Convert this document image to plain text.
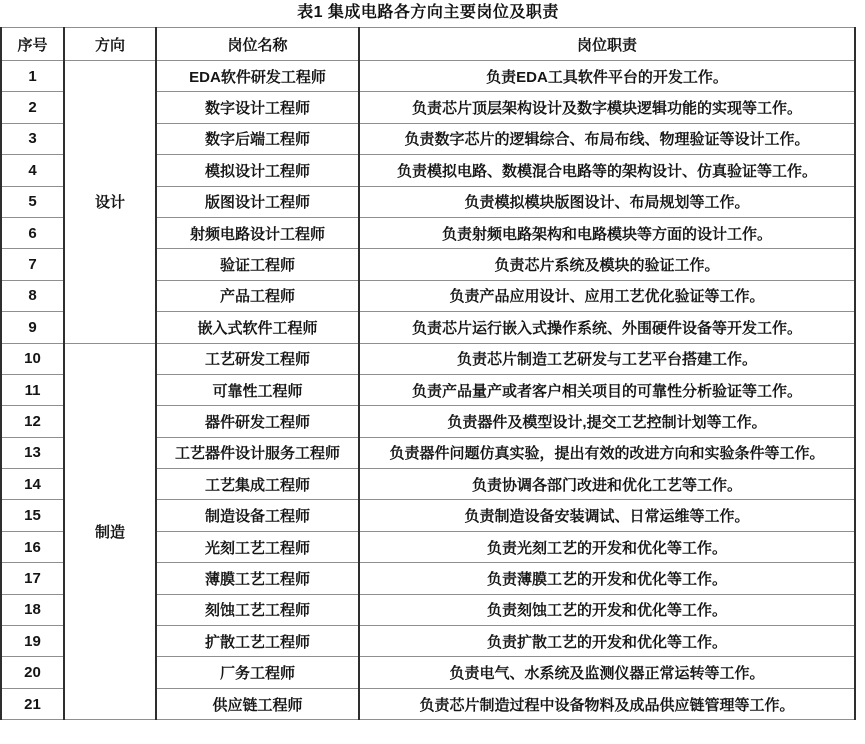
表1 集成电路各方向主要岗位及职责
序号	方向	岗位名称	岗位职责
1	设计	EDA软件研发工程师	负责EDA工具软件平台的开发工作。
2		数字设计工程师	负责芯片顶层架构设计及数字模块逻辑功能的实现等工作。
3		数字后端工程师	负责数字芯片的逻辑综合、布局布线、物理验证等设计工作。
4		模拟设计工程师	负责模拟电路、数模混合电路等的架构设计、仿真验证等工作。
5		版图设计工程师	负责模拟模块版图设计、布局规划等工作。
6		射频电路设计工程师	负责射频电路架构和电路模块等方面的设计工作。
7		验证工程师	负责芯片系统及模块的验证工作。
8		产品工程师	负责产品应用设计、应用工艺优化验证等工作。
9		嵌入式软件工程师	负责芯片运行嵌入式操作系统、外围硬件设备等开发工作。
10	制造	工艺研发工程师	负责芯片制造工艺研发与工艺平台搭建工作。
11		可靠性工程师	负责产品量产或者客户相关项目的可靠性分析验证等工作。
12		器件研发工程师	负责器件及模型设计,提交工艺控制计划等工作。
13		工艺器件设计服务工程师	负责器件问题仿真实验，提出有效的改进方向和实验条件等工作。
14		工艺集成工程师	负责协调各部门改进和优化工艺等工作。
15		制造设备工程师	负责制造设备安装调试、日常运维等工作。
16		光刻工艺工程师	负责光刻工艺的开发和优化等工作。
17		薄膜工艺工程师	负责薄膜工艺的开发和优化等工作。
18		刻蚀工艺工程师	负责刻蚀工艺的开发和优化等工作。
19		扩散工艺工程师	负责扩散工艺的开发和优化等工作。
20		厂务工程师	负责电气、水系统及监测仪器正常运转等工作。
21		供应链工程师	负责芯片制造过程中设备物料及成品供应链管理等工作。
